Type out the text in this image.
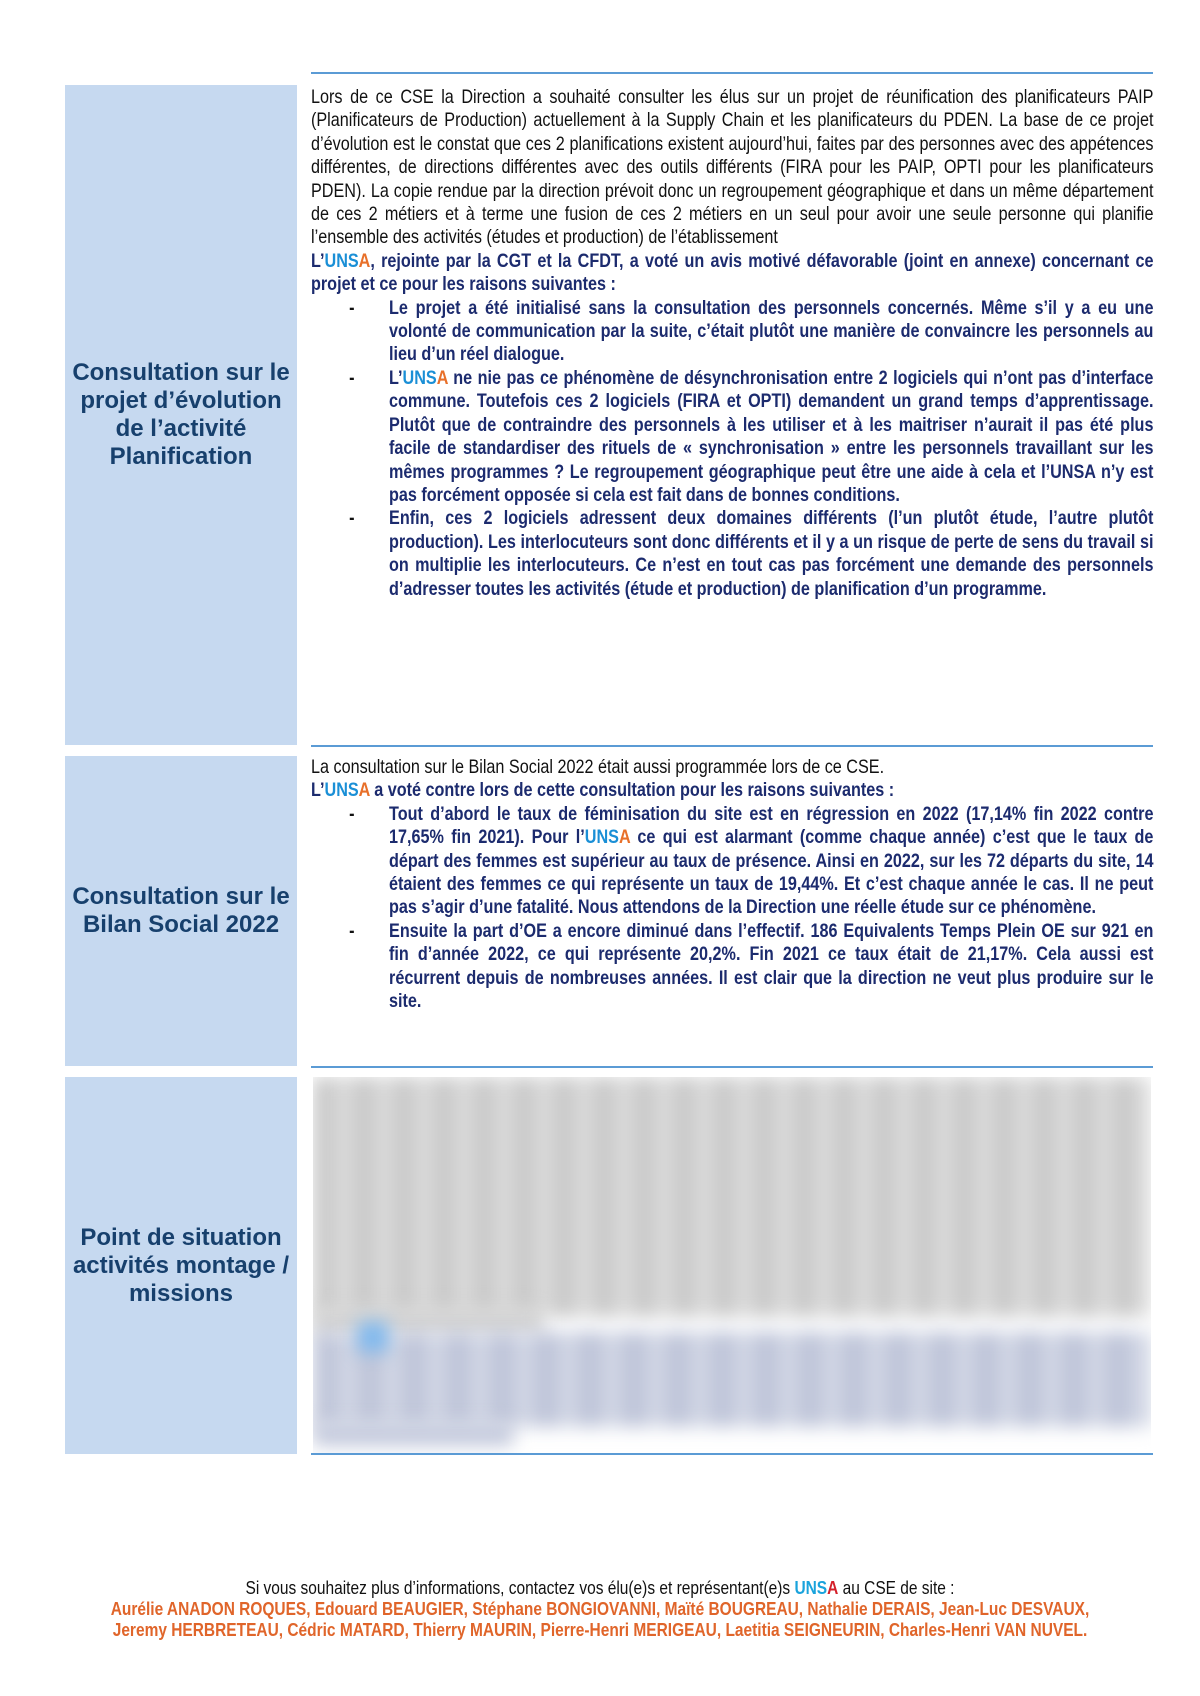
Consultation sur le projet d’évolution de l’activité Planification
Lors de ce CSE la Direction a souhaité consulter les élus sur un projet de réunification des planificateurs PAIP (Planificateurs de Production) actuellement à la Supply Chain et les planificateurs du PDEN. La base de ce projet d’évolution est le constat que ces 2 planifications existent aujourd’hui, faites par des personnes avec des appétences différentes, de directions différentes avec des outils différents (FIRA pour les PAIP, OPTI pour les planificateurs PDEN). La copie rendue par la direction prévoit donc un regroupement géographique et dans un même département de ces 2 métiers et à terme une fusion de ces 2 métiers en un seul pour avoir une seule personne qui planifie l’ensemble des activités (études et production) de l’établissement
L’UNSA, rejointe par la CGT et la CFDT, a voté un avis motivé défavorable (joint en annexe) concernant ce projet et ce pour les raisons suivantes :
- Le projet a été initialisé sans la consultation des personnels concernés. Même s’il y a eu une volonté de communication par la suite, c’était plutôt une manière de convaincre les personnels au lieu d’un réel dialogue.
- L’UNSA ne nie pas ce phénomène de désynchronisation entre 2 logiciels qui n’ont pas d’interface commune. Toutefois ces 2 logiciels (FIRA et OPTI) demandent un grand temps d’apprentissage. Plutôt que de contraindre des personnels à les utiliser et à les maitriser n’aurait il pas été plus facile de standardiser des rituels de « synchronisation » entre les personnels travaillant sur les mêmes programmes ? Le regroupement géographique peut être une aide à cela et l’UNSA n’y est pas forcément opposée si cela est fait dans de bonnes conditions.
- Enfin, ces 2 logiciels adressent deux domaines différents (l’un plutôt étude, l’autre plutôt production). Les interlocuteurs sont donc différents et il y a un risque de perte de sens du travail si on multiplie les interlocuteurs. Ce n’est en tout cas pas forcément une demande des personnels d’adresser toutes les activités (étude et production) de planification d’un programme.
Consultation sur le Bilan Social 2022
La consultation sur le Bilan Social 2022 était aussi programmée lors de ce CSE.
L’UNSA a voté contre lors de cette consultation pour les raisons suivantes :
- Tout d’abord le taux de féminisation du site est en régression en 2022 (17,14% fin 2022 contre 17,65% fin 2021). Pour l’UNSA ce qui est alarmant (comme chaque année) c’est que le taux de départ des femmes est supérieur au taux de présence. Ainsi en 2022, sur les 72 départs du site, 14 étaient des femmes ce qui représente un taux de 19,44%. Et c’est chaque année le cas. Il ne peut pas s’agir d’une fatalité. Nous attendons de la Direction une réelle étude sur ce phénomène.
- Ensuite la part d’OE a encore diminué dans l’effectif. 186 Equivalents Temps Plein OE sur 921 en fin d’année 2022, ce qui représente 20,2%. Fin 2021 ce taux était de 21,17%. Cela aussi est récurrent depuis de nombreuses années. Il est clair que la direction ne veut plus produire sur le site.
Point de situation activités montage / missions
Si vous souhaitez plus d’informations, contactez vos élu(e)s et représentant(e)s UNSA au CSE de site :
Aurélie ANADON ROQUES, Edouard BEAUGIER, Stéphane BONGIOVANNI, Maïté BOUGREAU, Nathalie DERAIS, Jean-Luc DESVAUX, Jeremy HERBRETEAU, Cédric MATARD, Thierry MAURIN, Pierre-Henri MERIGEAU, Laetitia SEIGNEURIN, Charles-Henri VAN NUVEL.
